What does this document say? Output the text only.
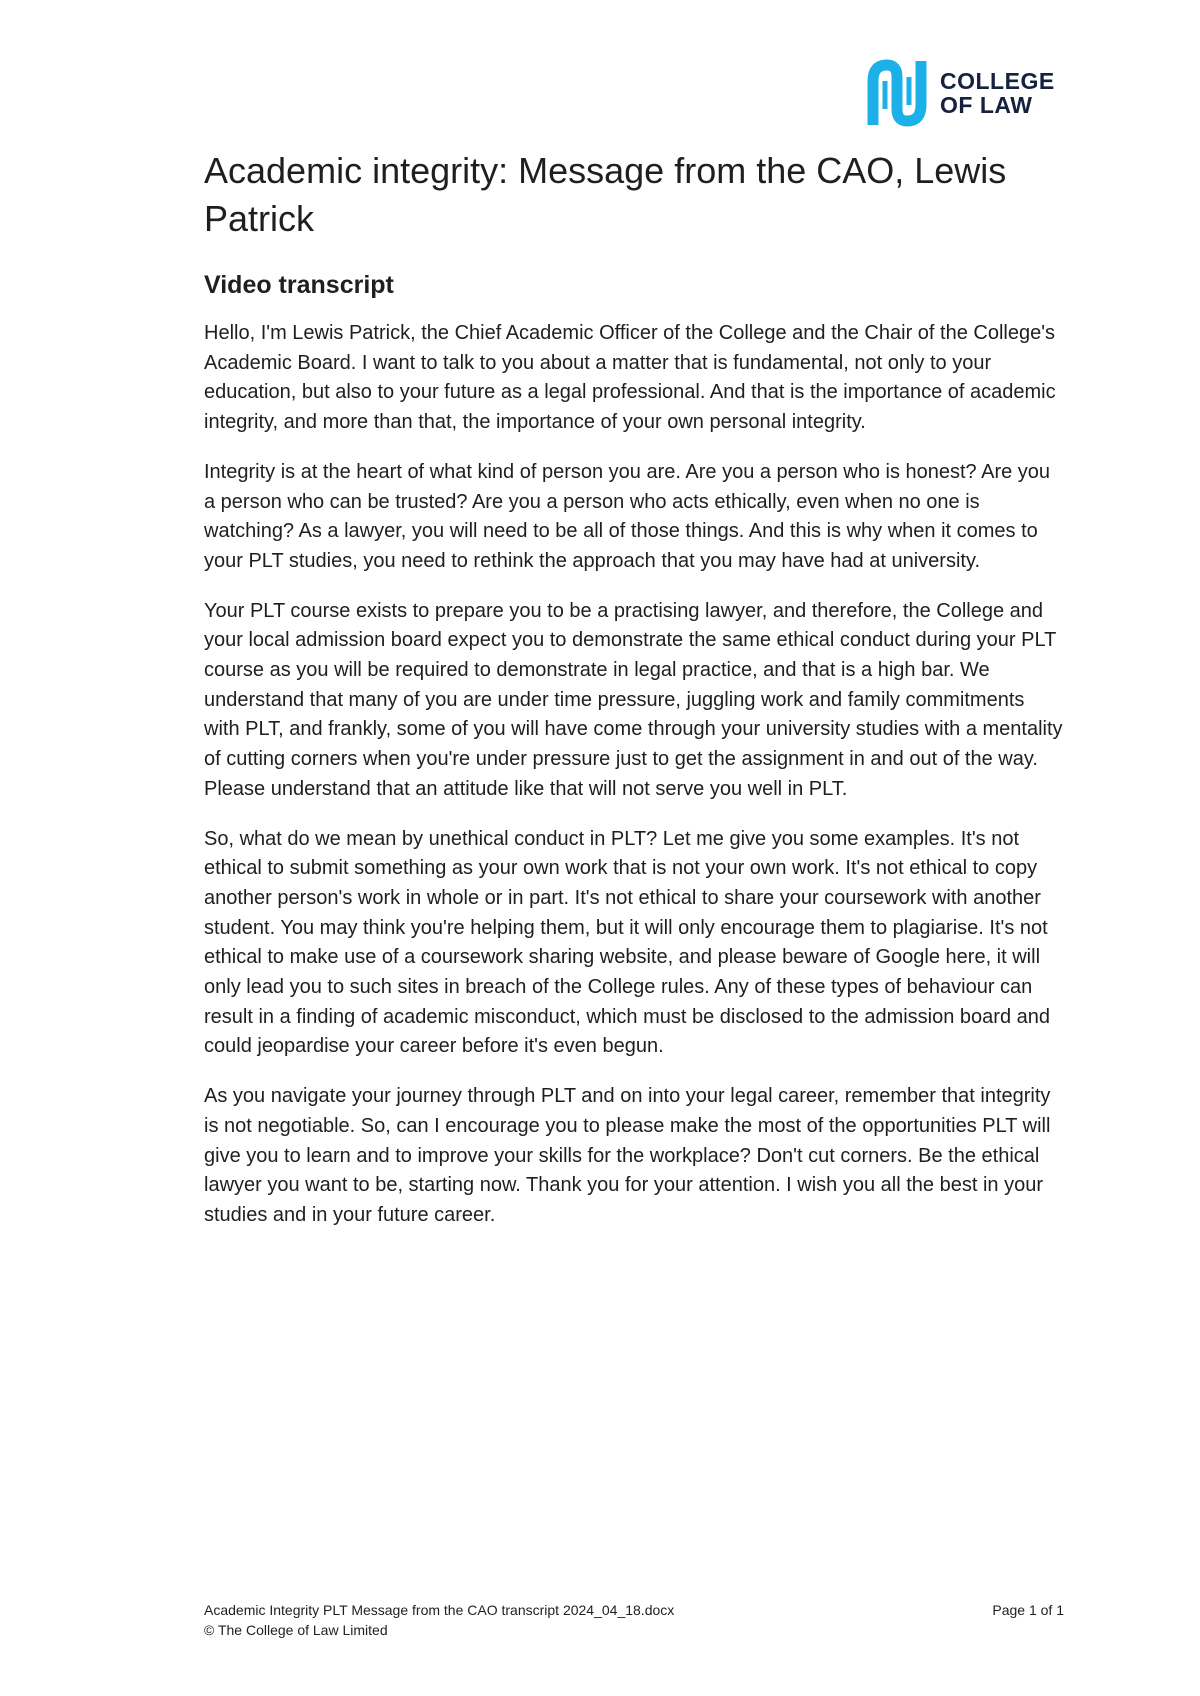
COLLEGE
OF LAW
Academic integrity: Message from the CAO, Lewis Patrick
Video transcript

Hello, I'm Lewis Patrick, the Chief Academic Officer of the College and the Chair of the College's Academic Board. I want to talk to you about a matter that is fundamental, not only to your education, but also to your future as a legal professional. And that is the importance of academic integrity, and more than that, the importance of your own personal integrity.

Integrity is at the heart of what kind of person you are. Are you a person who is honest? Are you a person who can be trusted? Are you a person who acts ethically, even when no one is watching? As a lawyer, you will need to be all of those things. And this is why when it comes to your PLT studies, you need to rethink the approach that you may have had at university.

Your PLT course exists to prepare you to be a practising lawyer, and therefore, the College and your local admission board expect you to demonstrate the same ethical conduct during your PLT course as you will be required to demonstrate in legal practice, and that is a high bar. We understand that many of you are under time pressure, juggling work and family commitments with PLT, and frankly, some of you will have come through your university studies with a mentality of cutting corners when you're under pressure just to get the assignment in and out of the way. Please understand that an attitude like that will not serve you well in PLT.

So, what do we mean by unethical conduct in PLT? Let me give you some examples. It's not ethical to submit something as your own work that is not your own work. It's not ethical to copy another person's work in whole or in part. It's not ethical to share your coursework with another student. You may think you're helping them, but it will only encourage them to plagiarise. It's not ethical to make use of a coursework sharing website, and please beware of Google here, it will only lead you to such sites in breach of the College rules. Any of these types of behaviour can result in a finding of academic misconduct, which must be disclosed to the admission board and could jeopardise your career before it's even begun.

As you navigate your journey through PLT and on into your legal career, remember that integrity is not negotiable. So, can I encourage you to please make the most of the opportunities PLT will give you to learn and to improve your skills for the workplace? Don't cut corners. Be the ethical lawyer you want to be, starting now. Thank you for your attention. I wish you all the best in your studies and in your future career.

Academic Integrity PLT Message from the CAO transcript 2024_04_18.docx	Page 1 of 1
© The College of Law Limited
